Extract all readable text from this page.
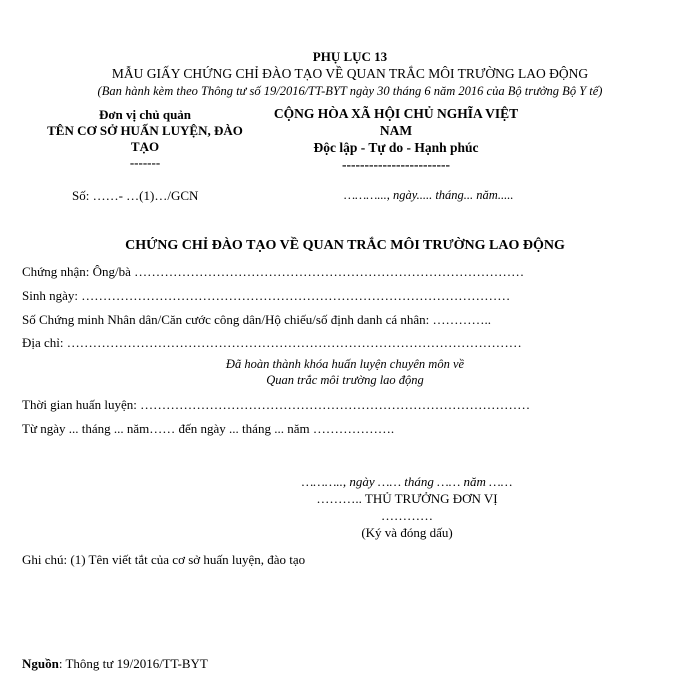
PHỤ LỤC 13
MẪU GIẤY CHỨNG CHỈ ĐÀO TẠO VỀ QUAN TRẮC MÔI TRƯỜNG LAO ĐỘNG
(Ban hành kèm theo Thông tư số 19/2016/TT-BYT ngày 30 tháng 6 năm 2016 của Bộ trưởng Bộ Y tế)
Đơn vị chủ quản
TÊN CƠ SỞ HUẤN LUYỆN, ĐÀO
TẠO
-------
CỘNG HÒA XÃ HỘI CHỦ NGHĨA VIỆT
NAM
Độc lập - Tự do - Hạnh phúc
------------------------
Số: ……- …(1)…/GCN	………..., ngày..... tháng... năm.....
CHỨNG CHỈ ĐÀO TẠO VỀ QUAN TRẮC MÔI TRƯỜNG LAO ĐỘNG
Chứng nhận: Ông/bà ………………………………………………………………………………
Sinh ngày: ………………………………………………………………………………………
Số Chứng minh Nhân dân/Căn cước công dân/Hộ chiếu/số định danh cá nhân: …………..
Địa chỉ: ……………………………………………………………………………………………
Đã hoàn thành khóa huấn luyện chuyên môn về
Quan trắc môi trường lao động
Thời gian huấn luyện: ………………………………………………………………………………
Từ ngày ... tháng ... năm…… đến ngày ... tháng ... năm ……………….
……….., ngày …… tháng …… năm ……
……….. THỦ TRƯỞNG ĐƠN VỊ
…………
(Ký và đóng dấu)
Ghi chú: (1) Tên viết tắt của cơ sở huấn luyện, đào tạo
Nguồn: Thông tư 19/2016/TT-BYT
